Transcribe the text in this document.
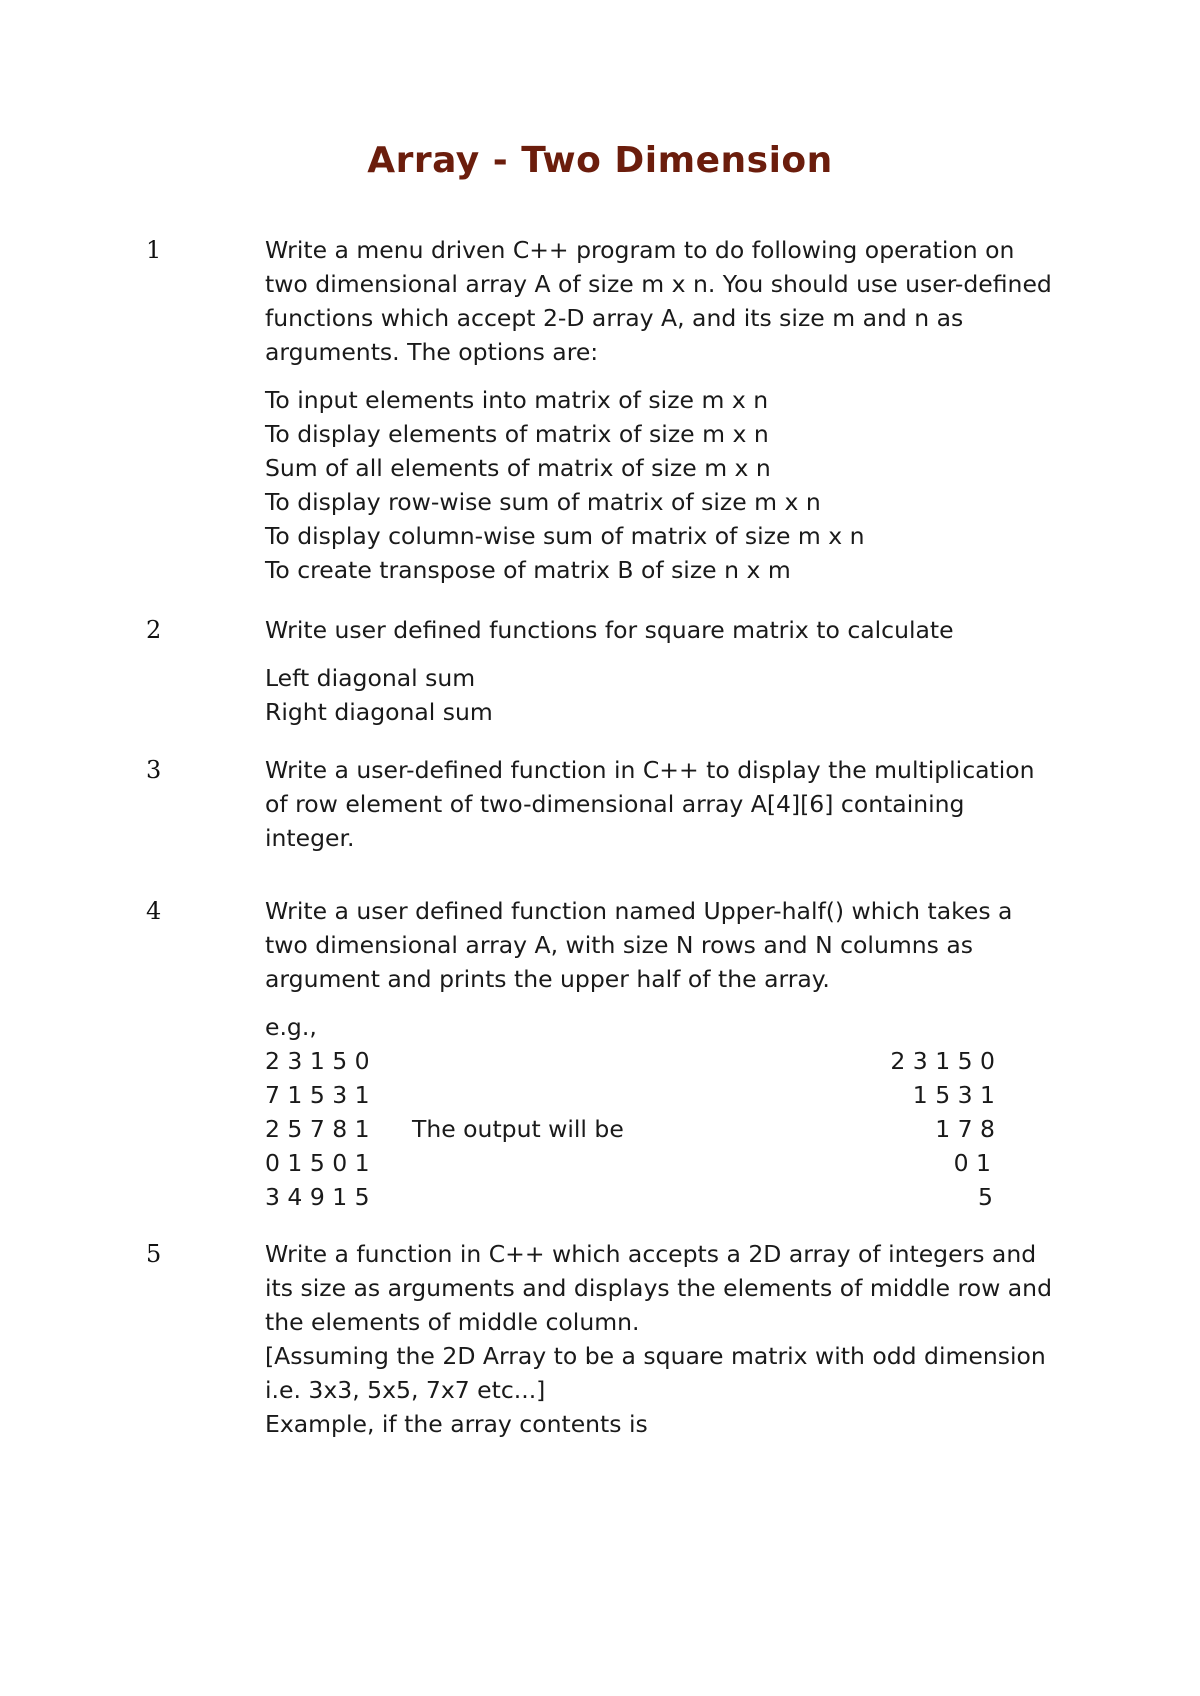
Array - Two Dimension
1	Write a menu driven C++ program to do following operation on

two dimensional array A of size m x n. You should use user-defined

functions which accept 2-D array A, and its size m and n as

arguments. The options are:

To input elements into matrix of size m x n
To display elements of matrix of size m x n
Sum of all elements of matrix of size m x n
To display row-wise sum of matrix of size m x n
To display column-wise sum of matrix of size m x n
To create transpose of matrix B of size n x m
2	Write user defined functions for square matrix to calculate

Left diagonal sum
Right diagonal sum
3	Write a user-defined function in C++ to display the multiplication

of row element of two-dimensional array A[4][6] containing

integer.

4	Write a user defined function named Upper-half() which takes a

two dimensional array A, with size N rows and N columns as

argument and prints the upper half of the array.

e.g.,
2 3 1 5 0
7 1 5 3 1
2 5 7 8 1
0 1 5 0 1
3 4 9 1 5
The output will be
2 3 1 5 0
1 5 3 1
1 7 8
0 1
5
5	Write a function in C++ which accepts a 2D array of integers and

its size as arguments and displays the elements of middle row and

the elements of middle column.

[Assuming the 2D Array to be a square matrix with odd dimension

i.e. 3x3, 5x5, 7x7 etc...]

Example, if the array contents is
